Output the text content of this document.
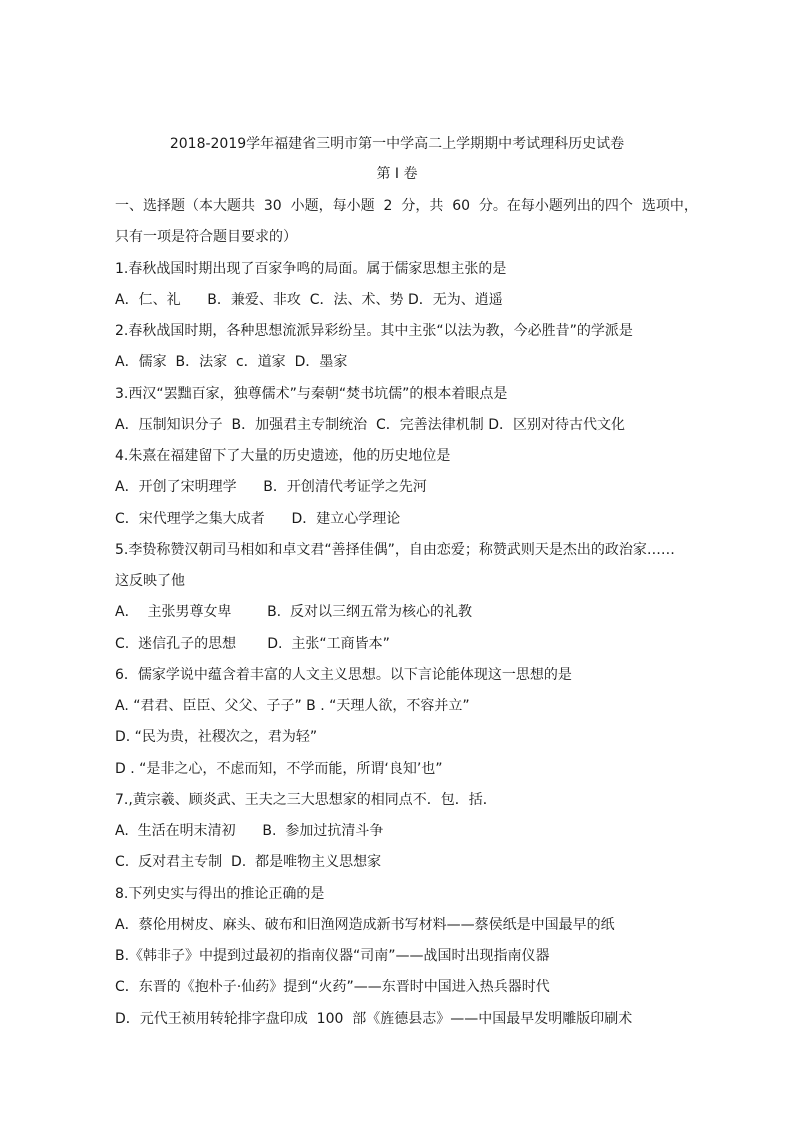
2018-2019学年福建省三明市第一中学高二上学期期中考试理科历史试卷
第 Ⅰ 卷
一、选择题（本大题共  30  小题，每小题  2  分，共  60  分。在每小题列出的四个  选项中，
只有一项是符合题目要求的）
1.春秋战国时期出现了百家争鸣的局面。属于儒家思想主张的是
A．仁、礼      B．兼爱、非攻  C．法、术、势 D．无为、逍遥
2.春秋战国时期，各种思想流派异彩纷呈。其中主张“以法为教，今必胜昔”的学派是
A．儒家  B．法家  c．道家  D．墨家
3.西汉“罢黜百家，独尊儒术”与秦朝“焚书坑儒”的根本着眼点是
A．压制知识分子  B．加强君主专制统治  C．完善法律机制 D．区别对待古代文化
4.朱熹在福建留下了大量的历史遗迹，他的历史地位是
A．开创了宋明理学      B．开创清代考证学之先河
C．宋代理学之集大成者      D．建立心学理论
5.李贽称赞汉朝司马相如和卓文君“善择佳偶”，自由恋爱；称赞武则天是杰出的政治家……
这反映了他
A．  主张男尊女卑        B.  反对以三纲五常为核心的礼教
C.  迷信孔子的思想       D.  主张“工商皆本”
6．儒家学说中蕴含着丰富的人文主义思想。以下言论能体现这一思想的是
A. “君君、臣臣、父父、子子” B . “天理人欲，不容并立”
D. “民为贵，社稷次之，君为轻”
D . “是非之心，不虑而知，不学而能，所谓‘良知’也”
7.,黄宗羲、顾炎武、王夫之三大思想家的相同点不．包．括．
A.  生活在明末清初      B.  参加过抗清斗争
C.  反对君主专制  D.  都是唯物主义思想家
8.下列史实与得出的推论正确的是
A．蔡伦用树皮、麻头、破布和旧渔网造成新书写材料——蔡侯纸是中国最早的纸
B.《韩非子》中提到过最初的指南仪器“司南”——战国时出现指南仪器
C．东晋的《抱朴子·仙药》提到“火药”——东晋时中国进入热兵器时代
D．元代王祯用转轮排字盘印成  100  部《旌德县志》——中国最早发明雕版印刷术
